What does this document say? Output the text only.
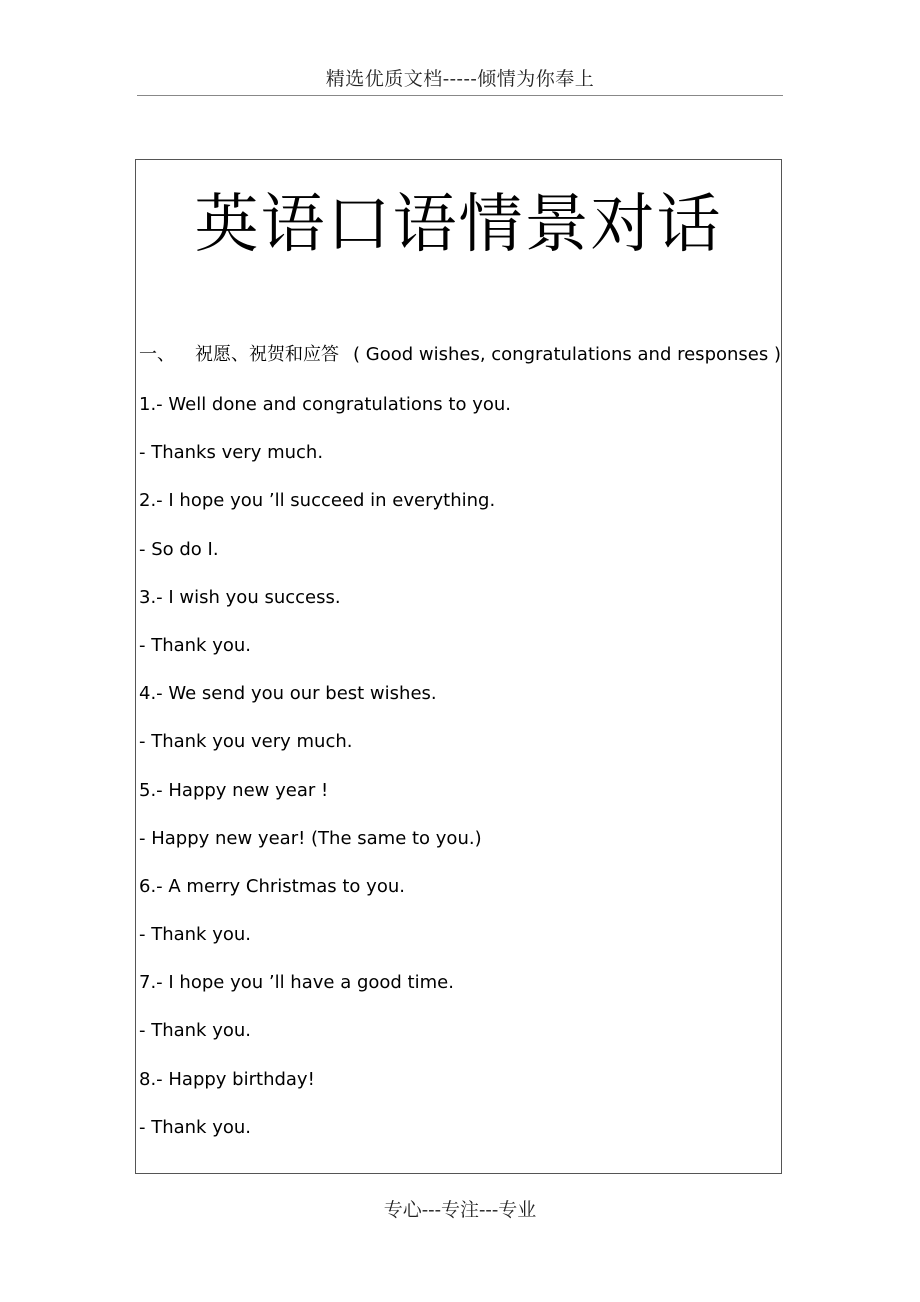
精选优质文档-----倾情为你奉上
英语口语情景对话
一、 祝愿、祝贺和应答 ( Good wishes, congratulations and responses )
1.- Well done and congratulations to you.
- Thanks very much.
2.- I hope you ’ll succeed in everything.
- So do I.
3.- I wish you success.
- Thank you.
4.- We send you our best wishes.
- Thank you very much.
5.- Happy new year !
- Happy new year! (The same to you.)
6.- A merry Christmas to you.
- Thank you.
7.- I hope you ’ll have a good time.
- Thank you.
8.- Happy birthday!
- Thank you.
专心---专注---专业
